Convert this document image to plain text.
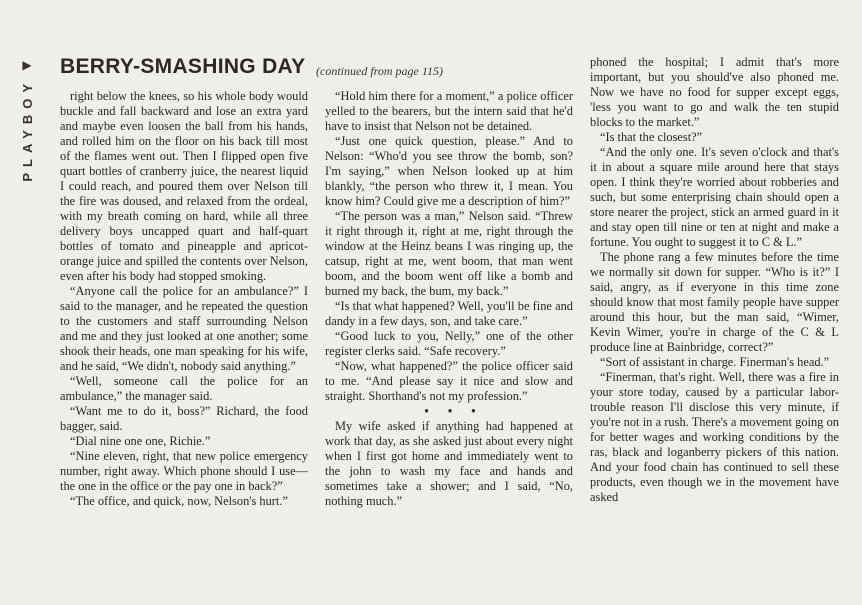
▶
PLAYBOY
BERRY-SMASHING DAY (continued from page 115)

right below the knees, so his whole body would buckle and fall backward and lose an extra yard and maybe even loosen the ball from his hands, and rolled him on the floor on his back till most of the flames went out. Then I flipped open five quart bottles of cranberry juice, the nearest liquid I could reach, and poured them over Nelson till the fire was doused, and relaxed from the ordeal, with my breath coming on hard, while all three delivery boys uncapped quart and half-quart bottles of tomato and pineapple and apricot-orange juice and spilled the contents over Nelson, even after his body had stopped smoking.

“Anyone call the police for an ambulance?” I said to the manager, and he repeated the question to the customers and staff surrounding Nelson and me and they just looked at one another; some shook their heads, one man speaking for his wife, and he said, “We didn't, nobody said anything.”

“Well, someone call the police for an ambulance,” the manager said.

“Want me to do it, boss?” Richard, the food bagger, said.

“Dial nine one one, Richie.”

“Nine eleven, right, that new police emergency number, right away. Which phone should I use—the one in the office or the pay one in back?”

“The office, and quick, now, Nelson's hurt.”

“Hold him there for a moment,” a police officer yelled to the bearers, but the intern said that he'd have to insist that Nelson not be detained.

“Just one quick question, please.” And to Nelson: “Who'd you see throw the bomb, son? I'm saying,” when Nelson looked up at him blankly, “the person who threw it, I mean. You know him? Could give me a description of him?”

“The person was a man,” Nelson said. “Threw it right through it, right at me, right through the window at the Heinz beans I was ringing up, the catsup, right at me, went boom, that man went boom, and the boom went off like a bomb and burned my back, the bum, my back.”

“Is that what happened? Well, you'll be fine and dandy in a few days, son, and take care.”

“Good luck to you, Nelly,” one of the other register clerks said. “Safe recovery.”

“Now, what happened?” the police officer said to me. “And please say it nice and slow and straight. Shorthand's not my profession.”

• • •

My wife asked if anything had happened at work that day, as she asked just about every night when I first got home and immediately went to the john to wash my face and hands and sometimes take a shower; and I said, “No, nothing much.”

phoned the hospital; I admit that's more important, but you should've also phoned me. Now we have no food for supper except eggs, 'less you want to go and walk the ten stupid blocks to the market.”

“Is that the closest?”

“And the only one. It's seven o'clock and that's it in about a square mile around here that stays open. I think they're worried about robberies and such, but some enterprising chain should open a store nearer the project, stick an armed guard in it and stay open till nine or ten at night and make a fortune. You ought to suggest it to C & L.”

The phone rang a few minutes before the time we normally sit down for supper. “Who is it?” I said, angry, as if everyone in this time zone should know that most family people have supper around this hour, but the man said, “Wimer, Kevin Wimer, you're in charge of the C & L produce line at Bainbridge, correct?”

“Sort of assistant in charge. Finerman's head.”

“Finerman, that's right. Well, there was a fire in your store today, caused by a particular labor-trouble reason I'll disclose this very minute, if you're not in a rush. There's a movement going on for better wages and working conditions by the ras, black and loganberry pickers of this nation. And your food chain has continued to sell these products, even though we in the movement have asked
